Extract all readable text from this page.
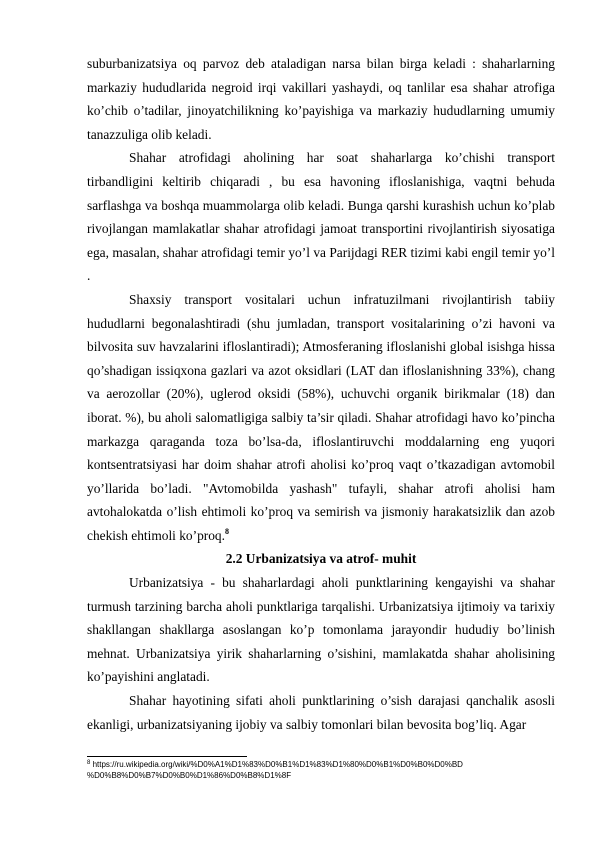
suburbanizatsiya oq parvoz deb ataladigan narsa bilan birga keladi : shaharlarning markaziy hududlarida negroid irqi vakillari yashaydi, oq tanlilar esa shahar atrofiga ko’chib o’tadilar, jinoyatchilikning ko’payishiga va markaziy hududlarning umumiy tanazzuliga olib keladi.

Shahar atrofidagi aholining har soat shaharlarga ko’chishi transport tirbandligini keltirib chiqaradi , bu esa havoning ifloslanishiga, vaqtni behuda sarflashga va boshqa muammolarga olib keladi. Bunga qarshi kurashish uchun ko’plab rivojlangan mamlakatlar shahar atrofidagi jamoat transportini rivojlantirish siyosatiga ega, masalan, shahar atrofidagi temir yo’l va Parijdagi RER tizimi kabi engil temir yo’l .

Shaxsiy transport vositalari uchun infratuzilmani rivojlantirish tabiiy hududlarni begonalashtiradi (shu jumladan, transport vositalarining o’zi havoni va bilvosita suv havzalarini ifloslantiradi); Atmosferaning ifloslanishi global isishga hissa qo’shadigan issiqxona gazlari va azot oksidlari (LAT dan ifloslanishning 33%), chang va aerozollar (20%), uglerod oksidi (58%), uchuvchi organik birikmalar (18) dan iborat. %), bu aholi salomatligiga salbiy ta’sir qiladi. Shahar atrofidagi havo ko’pincha markazga qaraganda toza bo’lsa-da, ifloslantiruvchi moddalarning eng yuqori kontsentratsiyasi har doim shahar atrofi aholisi ko’proq vaqt o’tkazadigan avtomobil yo’llarida bo’ladi. "Avtomobilda yashash" tufayli, shahar atrofi aholisi ham avtohalokatda o’lish ehtimoli ko’proq va semirish va jismoniy harakatsizlik dan azob chekish ehtimoli ko’proq.$^8$

2.2 Urbanizatsiya va atrof- muhit

Urbanizatsiya - bu shaharlardagi aholi punktlarining kengayishi va shahar turmush tarzining barcha aholi punktlariga tarqalishi. Urbanizatsiya ijtimoiy va tarixiy shakllangan shakllarga asoslangan ko’p tomonlama jarayondir hududiy bo’linish mehnat. Urbanizatsiya yirik shaharlarning o’sishini, mamlakatda shahar aholisining ko’payishini anglatadi.

Shahar hayotining sifati aholi punktlarining o’sish darajasi qanchalik asosli ekanligi, urbanizatsiyaning ijobiy va salbiy tomonlari bilan bevosita bog’liq. Agar

$^8$ https://ru.wikipedia.org/wiki/%D0%A1%D1%83%D0%B1%D1%83%D1%80%D0%B1%D0%B0%D0%BD
%D0%B8%D0%B7%D0%B0%D1%86%D0%B8%D1%8F
